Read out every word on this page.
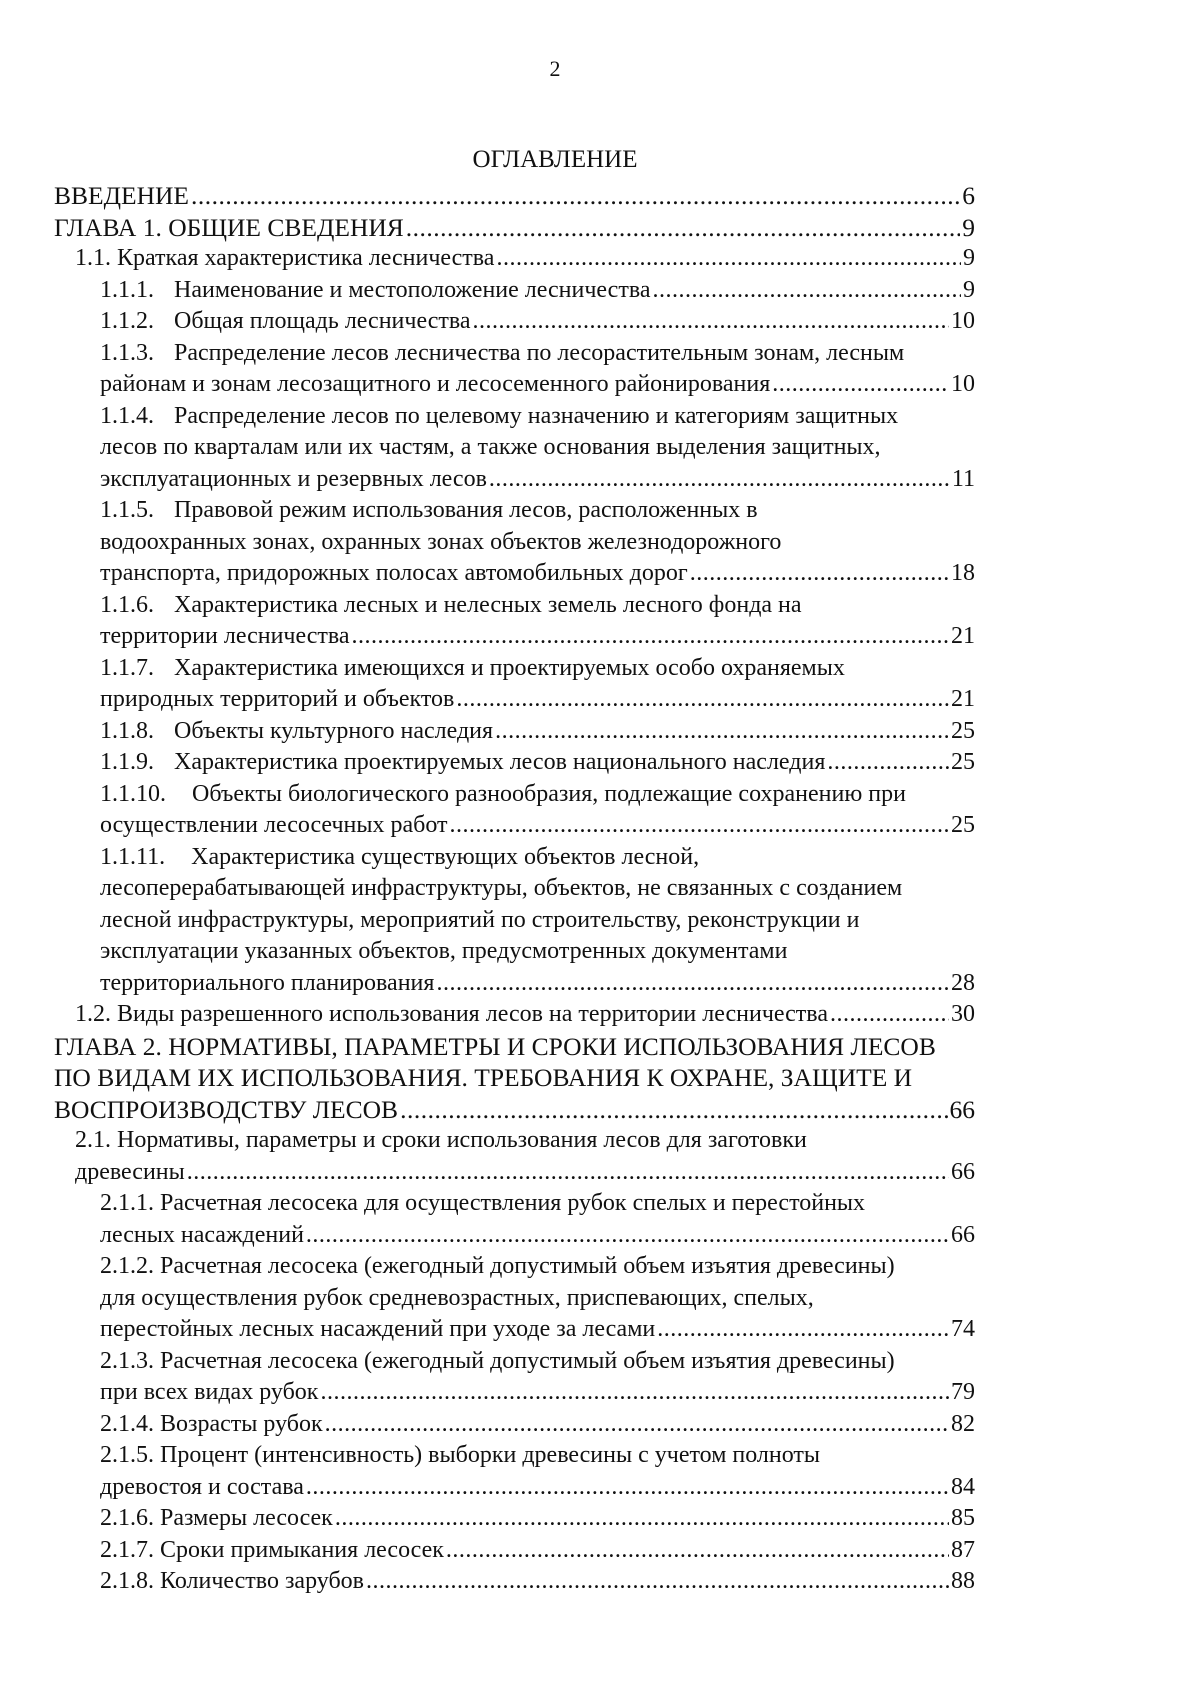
2
ОГЛАВЛЕНИЕ
ВВЕДЕНИЕ .....	6
ГЛАВА 1. ОБЩИЕ СВЕДЕНИЯ .....	9
1.1. Краткая характеристика лесничества .....	9
1.1.1. Наименование и местоположение лесничества .....	9
1.1.2. Общая площадь лесничества .....	10
1.1.3. Распределение лесов лесничества по лесорастительным зонам, лесным
районам и зонам лесозащитного и лесосеменного районирования .....	10
1.1.4. Распределение лесов по целевому назначению и категориям защитных
лесов по кварталам или их частям, а также основания выделения защитных,
эксплуатационных и резервных лесов .....	11
1.1.5. Правовой режим использования лесов, расположенных в
водоохранных зонах, охранных зонах объектов железнодорожного
транспорта, придорожных полосах автомобильных дорог .....	18
1.1.6. Характеристика лесных и нелесных земель лесного фонда на
территории лесничества .....	21
1.1.7. Характеристика имеющихся и проектируемых особо охраняемых
природных территорий и объектов .....	21
1.1.8. Объекты культурного наследия .....	25
1.1.9. Характеристика проектируемых лесов национального наследия .....	25
1.1.10. Объекты биологического разнообразия, подлежащие сохранению при
осуществлении лесосечных работ .....	25
1.1.11. Характеристика существующих объектов лесной,
лесоперерабатывающей инфраструктуры, объектов, не связанных с созданием
лесной инфраструктуры, мероприятий по строительству, реконструкции и
эксплуатации указанных объектов, предусмотренных документами
территориального планирования .....	28
1.2. Виды разрешенного использования лесов на территории лесничества .....	30
ГЛАВА 2. НОРМАТИВЫ, ПАРАМЕТРЫ И СРОКИ ИСПОЛЬЗОВАНИЯ ЛЕСОВ
ПО ВИДАМ ИХ ИСПОЛЬЗОВАНИЯ. ТРЕБОВАНИЯ К ОХРАНЕ, ЗАЩИТЕ И
ВОСПРОИЗВОДСТВУ ЛЕСОВ .....	66
2.1. Нормативы, параметры и сроки использования лесов для заготовки
древесины .....	66
2.1.1. Расчетная лесосека для осуществления рубок спелых и перестойных
лесных насаждений .....	66
2.1.2. Расчетная лесосека (ежегодный допустимый объем изъятия древесины)
для осуществления рубок средневозрастных, приспевающих, спелых,
перестойных лесных насаждений при уходе за лесами .....	74
2.1.3. Расчетная лесосека (ежегодный допустимый объем изъятия древесины)
при всех видах рубок .....	79
2.1.4. Возрасты рубок .....	82
2.1.5. Процент (интенсивность) выборки древесины с учетом полноты
древостоя и состава .....	84
2.1.6. Размеры лесосек .....	85
2.1.7. Сроки примыкания лесосек .....	87
2.1.8. Количество зарубов .....	88
